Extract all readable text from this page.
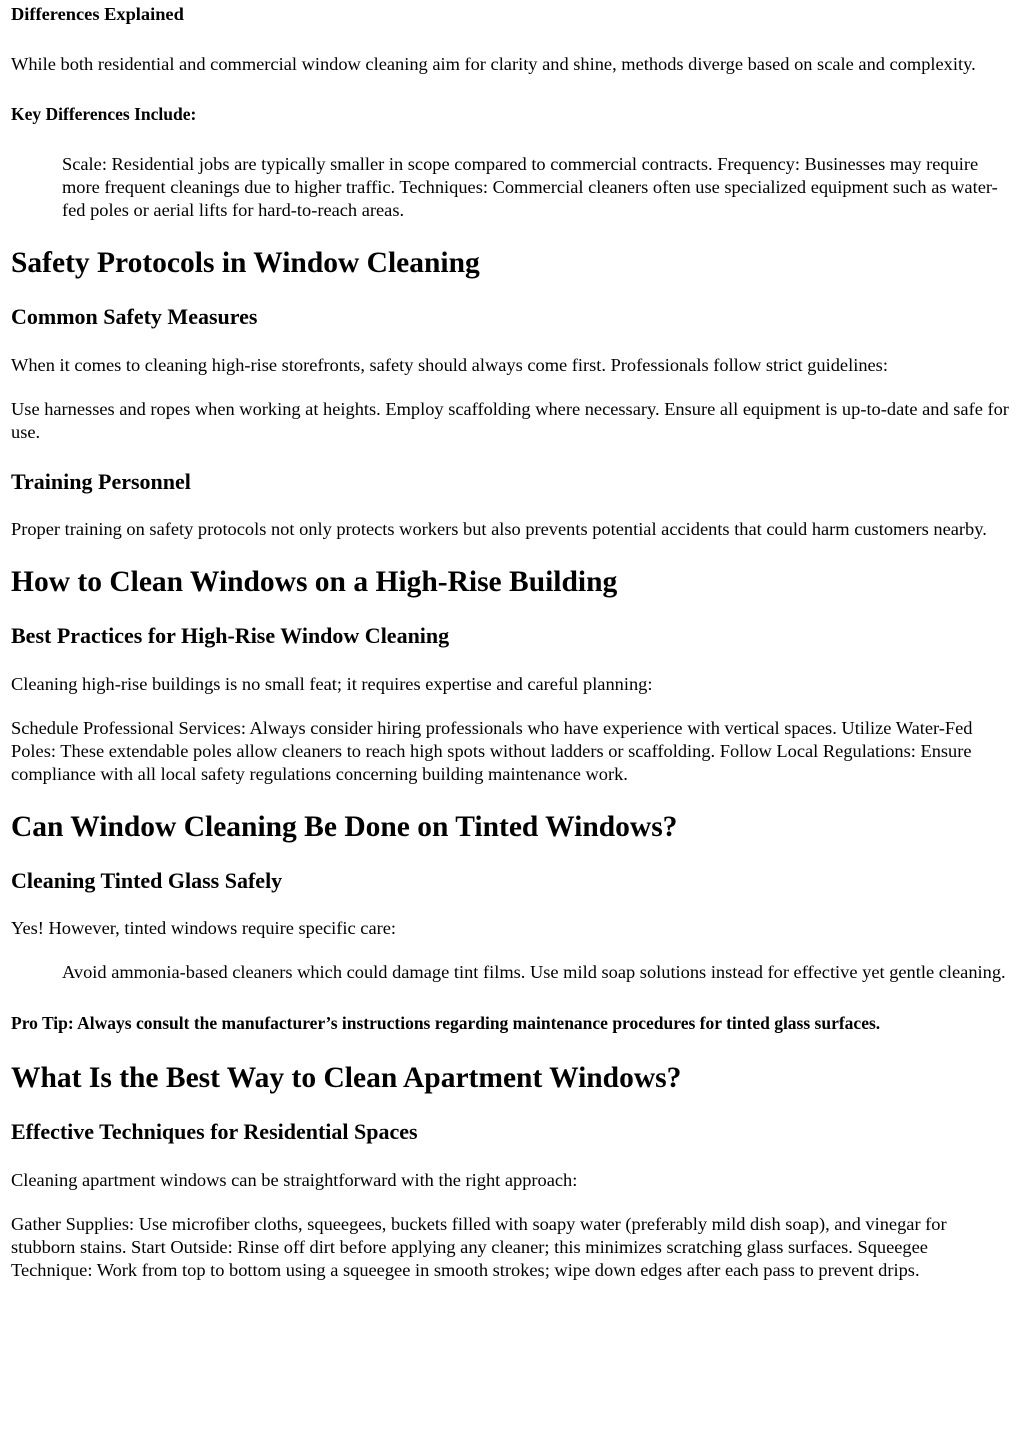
Differences Explained

While both residential and commercial window cleaning aim for clarity and shine, methods diverge based on scale and complexity.

Key Differences Include:
Scale: Residential jobs are typically smaller in scope compared to commercial contracts. Frequency: Businesses may require more frequent cleanings due to higher traffic. Techniques: Commercial cleaners often use specialized equipment such as water-fed poles or aerial lifts for hard-to-reach areas.
Safety Protocols in Window Cleaning
Common Safety Measures

When it comes to cleaning high-rise storefronts, safety should always come first. Professionals follow strict guidelines:

Use harnesses and ropes when working at heights. Employ scaffolding where necessary. Ensure all equipment is up-to-date and safe for use.

Training Personnel

Proper training on safety protocols not only protects workers but also prevents potential accidents that could harm customers nearby.

How to Clean Windows on a High-Rise Building
Best Practices for High-Rise Window Cleaning

Cleaning high-rise buildings is no small feat; it requires expertise and careful planning:

Schedule Professional Services: Always consider hiring professionals who have experience with vertical spaces. Utilize Water-Fed Poles: These extendable poles allow cleaners to reach high spots without ladders or scaffolding. Follow Local Regulations: Ensure compliance with all local safety regulations concerning building maintenance work.

Can Window Cleaning Be Done on Tinted Windows?
Cleaning Tinted Glass Safely

Yes! However, tinted windows require specific care:

Avoid ammonia-based cleaners which could damage tint films. Use mild soap solutions instead for effective yet gentle cleaning.

Pro Tip: Always consult the manufacturer’s instructions regarding maintenance procedures for tinted glass surfaces.

What Is the Best Way to Clean Apartment Windows?
Effective Techniques for Residential Spaces

Cleaning apartment windows can be straightforward with the right approach:

Gather Supplies: Use microfiber cloths, squeegees, buckets filled with soapy water (preferably mild dish soap), and vinegar for stubborn stains. Start Outside: Rinse off dirt before applying any cleaner; this minimizes scratching glass surfaces. Squeegee Technique: Work from top to bottom using a squeegee in smooth strokes; wipe down edges after each pass to prevent drips.
